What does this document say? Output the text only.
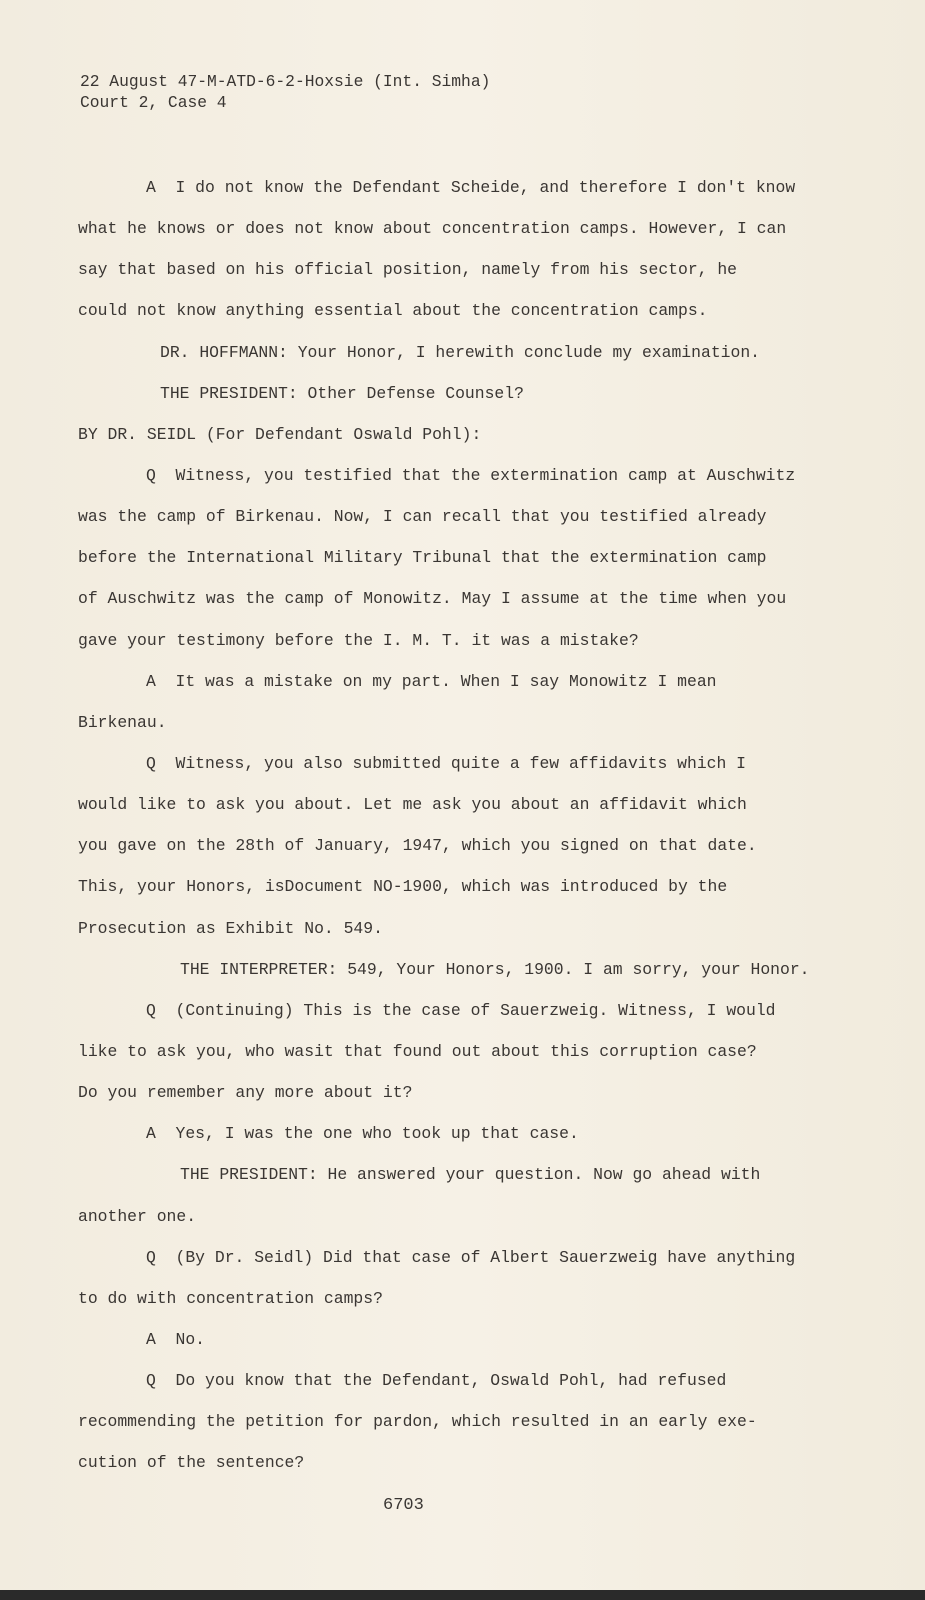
22 August 47-M-ATD-6-2-Hoxsie (Int. Simha)
Court 2, Case 4
A  I do not know the Defendant Scheide, and therefore I don't know
what he knows or does not know about concentration camps. However, I can
say that based on his official position, namely from his sector, he
could not know anything essential about the concentration camps.
DR. HOFFMANN: Your Honor, I herewith conclude my examination.
THE PRESIDENT: Other Defense Counsel?
BY DR. SEIDL (For Defendant Oswald Pohl):
Q  Witness, you testified that the extermination camp at Auschwitz
was the camp of Birkenau. Now, I can recall that you testified already
before the International Military Tribunal that the extermination camp
of Auschwitz was the camp of Monowitz. May I assume at the time when you
gave your testimony before the I. M. T. it was a mistake?
A  It was a mistake on my part. When I say Monowitz I mean
Birkenau.
Q  Witness, you also submitted quite a few affidavits which I
would like to ask you about. Let me ask you about an affidavit which
you gave on the 28th of January, 1947, which you signed on that date.
This, your Honors, isDocument NO-1900, which was introduced by the
Prosecution as Exhibit No. 549.
THE INTERPRETER: 549, Your Honors, 1900. I am sorry, your Honor.
Q  (Continuing) This is the case of Sauerzweig. Witness, I would
like to ask you, who wasit that found out about this corruption case?
Do you remember any more about it?
A  Yes, I was the one who took up that case.
THE PRESIDENT: He answered your question. Now go ahead with
another one.
Q  (By Dr. Seidl) Did that case of Albert Sauerzweig have anything
to do with concentration camps?
A  No.
Q  Do you know that the Defendant, Oswald Pohl, had refused
recommending the petition for pardon, which resulted in an early exe-
cution of the sentence?
6703
